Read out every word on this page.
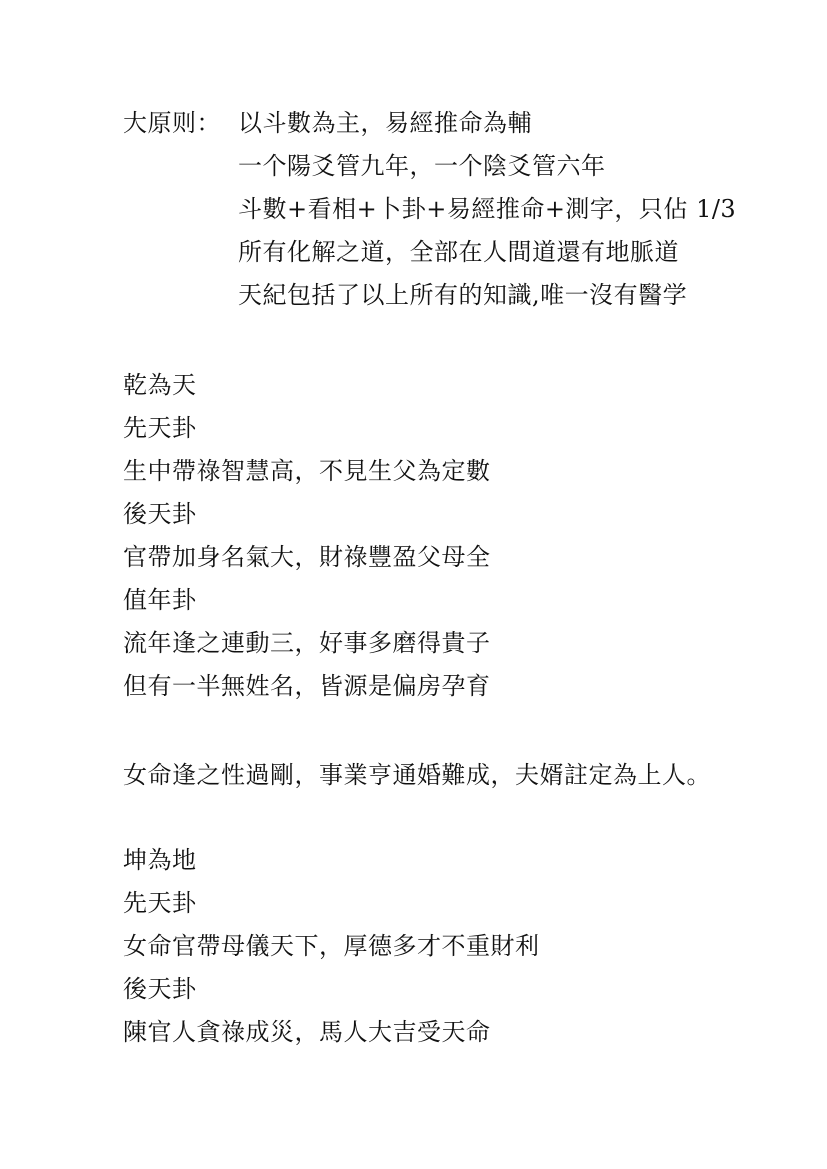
大原则： 以斗數為主，易經推命為輔
一个陽爻管九年，一个陰爻管六年
斗數+看相+卜卦+易經推命+測字，只佔 1/3
所有化解之道，全部在人間道還有地脈道
天紀包括了以上所有的知識,唯一沒有醫学
乾為天
先天卦
生中帶祿智慧高，不見生父為定數
後天卦
官帶加身名氣大，財祿豐盈父母全
值年卦
流年逢之連動三，好事多磨得貴子
但有一半無姓名，皆源是偏房孕育
女命逢之性過剛，事業亨通婚難成，夫婿註定為上人。
坤為地
先天卦
女命官帶母儀天下，厚德多才不重財利
後天卦
陳官人貪祿成災，馬人大吉受天命
